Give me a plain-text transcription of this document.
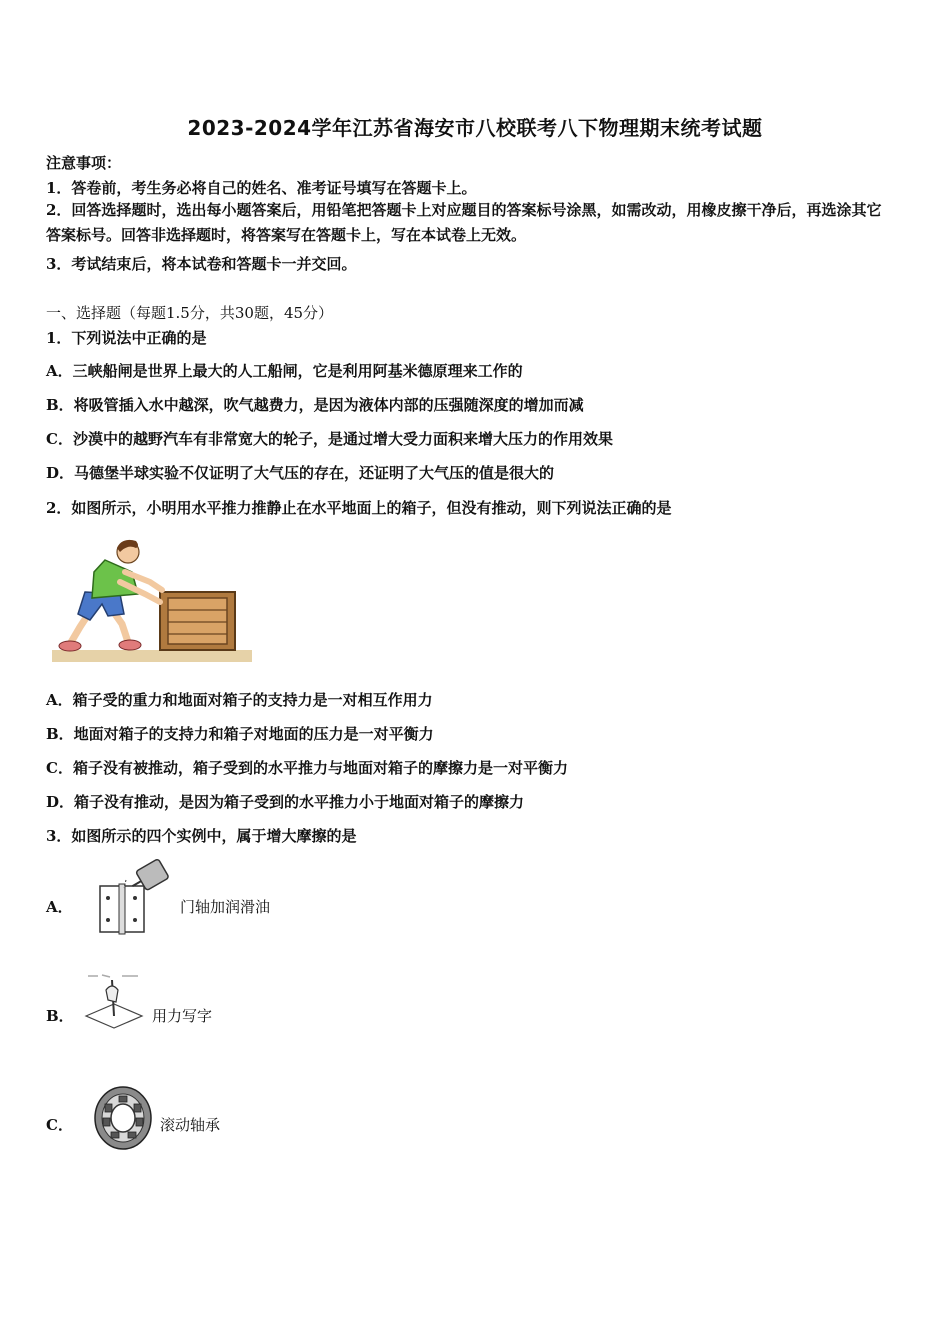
2023-2024学年江苏省海安市八校联考八下物理期末统考试题
注意事项：
1．答卷前，考生务必将自己的姓名、准考证号填写在答题卡上。
2．回答选择题时，选出每小题答案后，用铅笔把答题卡上对应题目的答案标号涂黑，如需改动，用橡皮擦干净后，再选涂其它答案标号。回答非选择题时，将答案写在答题卡上，写在本试卷上无效。
3．考试结束后，将本试卷和答题卡一并交回。
一、选择题（每题1.5分，共30题，45分）
1．下列说法中正确的是
A．三峡船闸是世界上最大的人工船闸，它是利用阿基米德原理来工作的
B．将吸管插入水中越深，吹气越费力，是因为液体内部的压强随深度的增加而减
C．沙漠中的越野汽车有非常宽大的轮子，是通过增大受力面积来增大压力的作用效果
D．马德堡半球实验不仅证明了大气压的存在，还证明了大气压的值是很大的
2．如图所示，小明用水平推力推静止在水平地面上的箱子，但没有推动，则下列说法正确的是
A．箱子受的重力和地面对箱子的支持力是一对相互作用力
B．地面对箱子的支持力和箱子对地面的压力是一对平衡力
C．箱子没有被推动，箱子受到的水平推力与地面对箱子的摩擦力是一对平衡力
D．箱子没有推动，是因为箱子受到的水平推力小于地面对箱子的摩擦力
3．如图所示的四个实例中，属于增大摩擦的是
A．	门轴加润滑油
B．	用力写字
C．	滚动轴承
